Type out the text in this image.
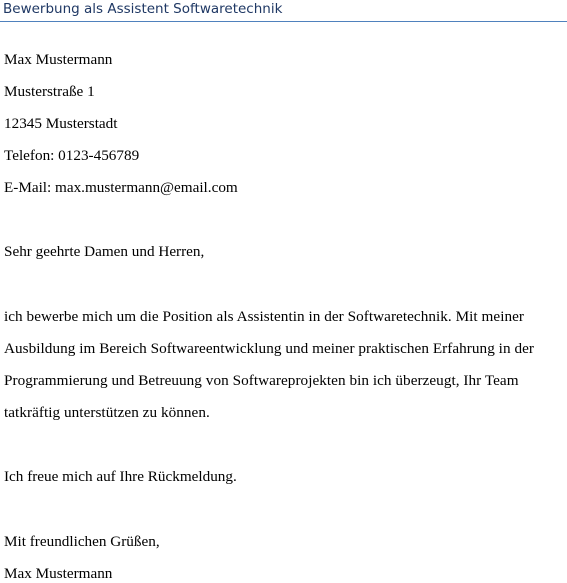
Bewerbung als Assistent Softwaretechnik
Max Mustermann
Musterstraße 1
12345 Musterstadt
Telefon: 0123-456789
E-Mail: max.mustermann@email.com
Sehr geehrte Damen und Herren,
ich bewerbe mich um die Position als Assistentin in der Softwaretechnik. Mit meiner
Ausbildung im Bereich Softwareentwicklung und meiner praktischen Erfahrung in der
Programmierung und Betreuung von Softwareprojekten bin ich überzeugt, Ihr Team
tatkräftig unterstützen zu können.
Ich freue mich auf Ihre Rückmeldung.
Mit freundlichen Grüßen,
Max Mustermann
